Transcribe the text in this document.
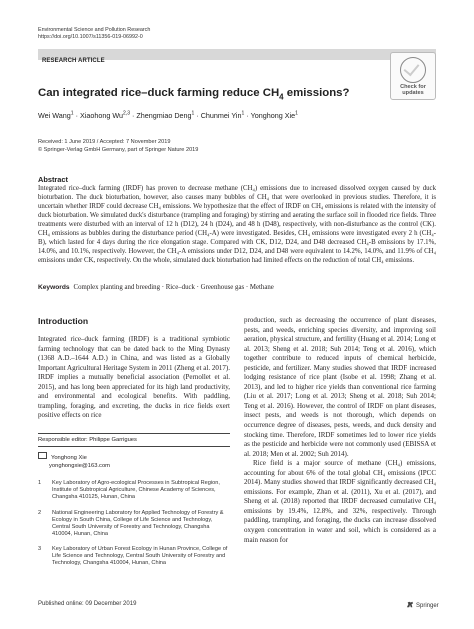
Environmental Science and Pollution Research
https://doi.org/10.1007/s11356-019-06992-0
RESEARCH ARTICLE
Check for
updates
Can integrated rice–duck farming reduce $CH_4$ emissions?
Wei Wang$^1$ · Xiaohong Wu$^{2,3}$ · Zhengmiao Deng$^1$ · Chunmei Yin$^1$ · Yonghong Xie$^1$
Received: 1 June 2019 / Accepted: 7 November 2019
© Springer-Verlag GmbH Germany, part of Springer Nature 2019
Abstract
Integrated rice–duck farming (IRDF) has proven to decrease methane (CH₄) emissions due to increased dissolved oxygen caused by duck bioturbation. The duck bioturbation, however, also causes many bubbles of CH₄ that were overlooked in previous studies. Therefore, it is uncertain whether IRDF could decrease CH₄ emissions. We hypothesize that the effect of IRDF on CH₄ emissions is related with the intensity of duck bioturbation. We simulated duck's disturbance (trampling and foraging) by stirring and aerating the surface soil in flooded rice fields. Three treatments were disturbed with an interval of 12 h (D12), 24 h (D24), and 48 h (D48), respectively, with non-disturbance as the control (CK). CH₄ emissions as bubbles during the disturbance period (CH₄-A) were investigated. Besides, CH₄ emissions were investigated every 2 h (CH₄-B), which lasted for 4 days during the rice elongation stage. Compared with CK, D12, D24, and D48 decreased CH₄-B emissions by 17.1%, 14.0%, and 10.1%, respectively. However, the CH₄-A emissions under D12, D24, and D48 were equivalent to 14.2%, 14.0%, and 11.9% of CH₄ emissions under CK, respectively. On the whole, simulated duck bioturbation had limited effects on the reduction of total CH₄ emissions.
Keywords Complex planting and breeding · Rice–duck · Greenhouse gas · Methane
Introduction

Integrated rice–duck farming (IRDF) is a traditional symbiotic farming technology that can be dated back to the Ming Dynasty (1368 A.D.–1644 A.D.) in China, and was listed as a Globally Important Agricultural Heritage System in 2011 (Zheng et al. 2017). IRDF implies a mutually beneficial association (Pernollet et al. 2015), and has long been appreciated for its high land productivity, and environmental and ecological benefits. With paddling, trampling, foraging, and excreting, the ducks in rice fields exert positive effects on rice

Responsible editor: Philippe Garrigues
Yonghong Xie
yonghongxie@163.com
1 Key Laboratory of Agro-ecological Processes in Subtropical Region, Institute of Subtropical Agriculture, Chinese Academy of Sciences, Changsha 410125, Hunan, China
2 National Engineering Laboratory for Applied Technology of Forestry & Ecology in South China, College of Life Science and Technology, Central South University of Forestry and Technology, Changsha 410004, Hunan, China
3 Key Laboratory of Urban Forest Ecology in Hunan Province, College of Life Science and Technology, Central South University of Forestry and Technology, Changsha 410004, Hunan, China

production, such as decreasing the occurrence of plant diseases, pests, and weeds, enriching species diversity, and improving soil aeration, physical structure, and fertility (Huang et al. 2014; Long et al. 2013; Sheng et al. 2018; Suh 2014; Teng et al. 2016), which together contribute to reduced inputs of chemical herbicide, pesticide, and fertilizer. Many studies showed that IRDF increased lodging resistance of rice plant (Isobe et al. 1998; Zhang et al. 2013), and led to higher rice yields than conventional rice farming (Liu et al. 2017; Long et al. 2013; Sheng et al. 2018; Suh 2014; Teng et al. 2016). However, the control of IRDF on plant diseases, insect pests, and weeds is not thorough, which depends on occurrence degree of diseases, pests, weeds, and duck density and stocking time. Therefore, IRDF sometimes led to lower rice yields as the pesticide and herbicide were not commonly used (EBISSA et al. 2018; Men et al. 2002; Suh 2014).

Rice field is a major source of methane (CH₄) emissions, accounting for about 6% of the total global CH₄ emissions (IPCC 2014). Many studies showed that IRDF significantly decreased CH₄ emissions. For example, Zhan et al. (2011), Xu et al. (2017), and Sheng et al. (2018) reported that IRDF decreased cumulative CH₄ emissions by 19.4%, 12.8%, and 32%, respectively. Through paddling, trampling, and foraging, the ducks can increase dissolved oxygen concentration in water and soil, which is considered as a main reason for

Published online: 09 December 2019	Springer
